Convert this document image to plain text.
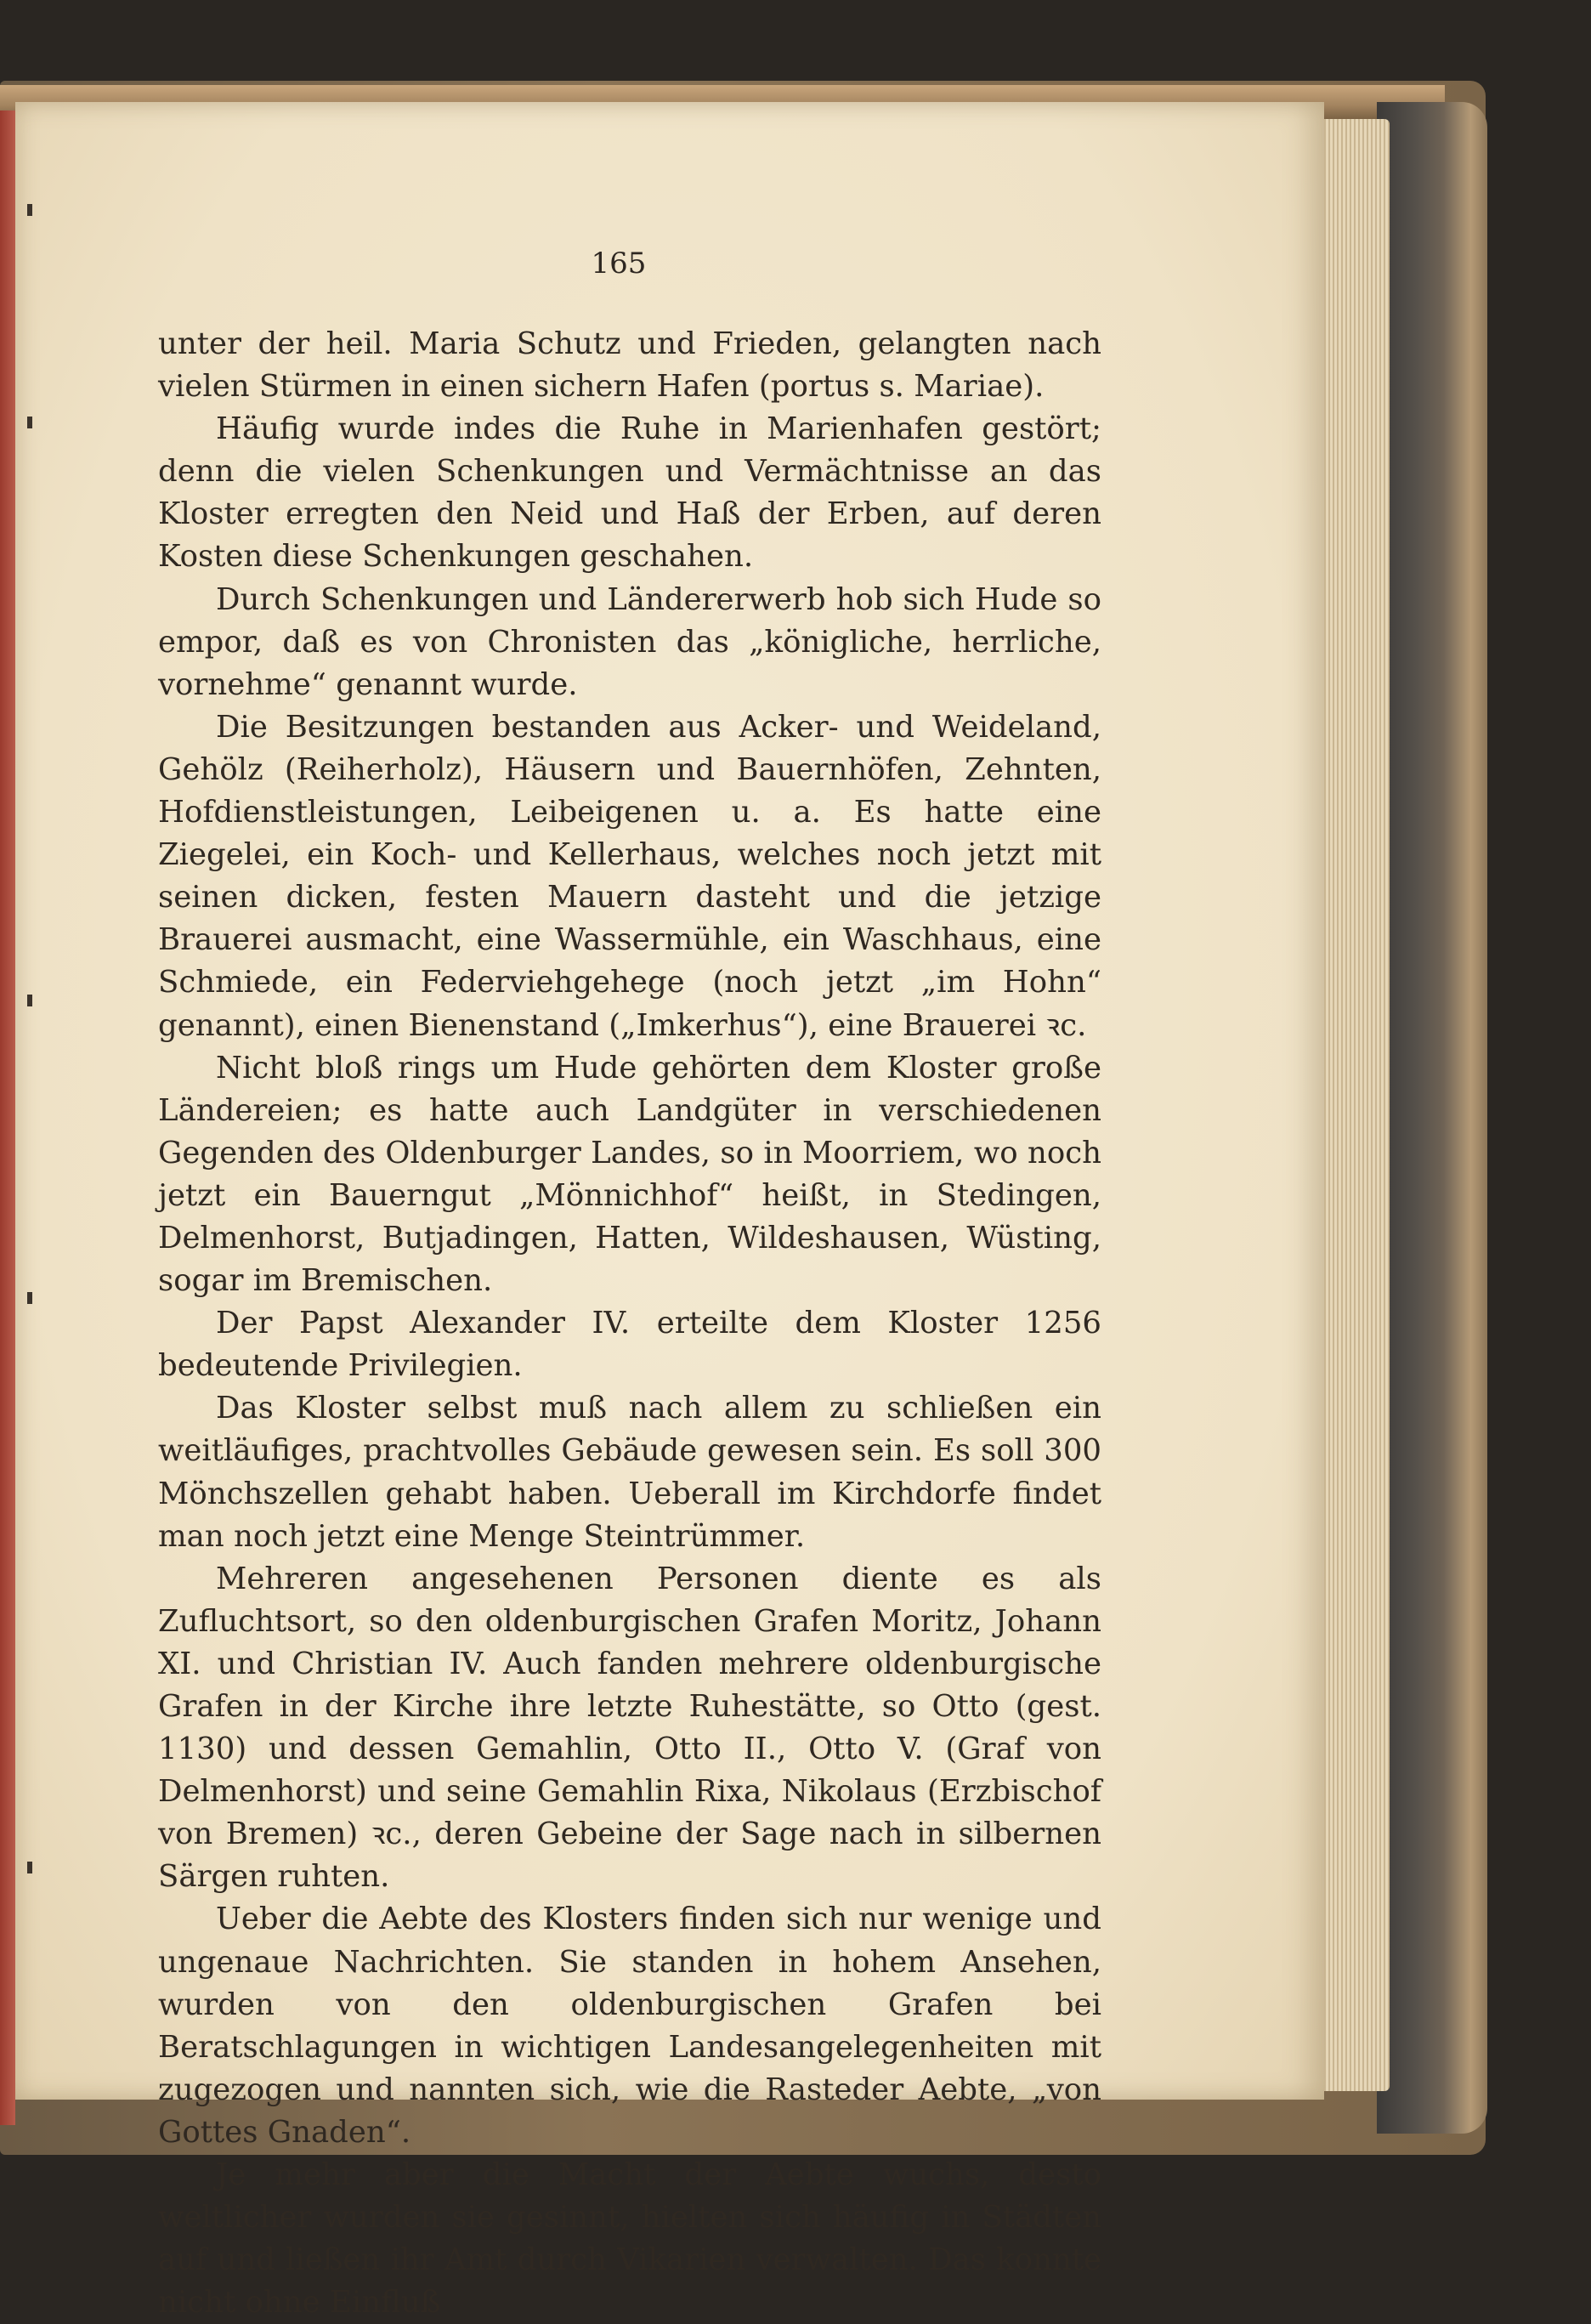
165

unter der heil. Maria Schutz und Frieden, gelangten nach vielen Stürmen in einen sichern Hafen (portus s. Mariae).

Häufig wurde indes die Ruhe in Marienhafen gestört; denn die vielen Schenkungen und Vermächtnisse an das Kloster erregten den Neid und Haß der Erben, auf deren Kosten diese Schenkungen geschahen.

Durch Schenkungen und Ländererwerb hob sich Hude so empor, daß es von Chronisten das „königliche, herrliche, vornehme“ genannt wurde.

Die Besitzungen bestanden aus Acker- und Weideland, Gehölz (Reiherholz), Häusern und Bauernhöfen, Zehnten, Hofdienstleistungen, Leibeigenen u. a. Es hatte eine Ziegelei, ein Koch- und Kellerhaus, welches noch jetzt mit seinen dicken, festen Mauern dasteht und die jetzige Brauerei ausmacht, eine Wassermühle, ein Waschhaus, eine Schmiede, ein Federviehgehege (noch jetzt „im Hohn“ genannt), einen Bienenstand („Imkerhus“), eine Brauerei ꝛc.

Nicht bloß rings um Hude gehörten dem Kloster große Ländereien; es hatte auch Landgüter in verschiedenen Gegenden des Oldenburger Landes, so in Moorriem, wo noch jetzt ein Bauerngut „Mönnichhof“ heißt, in Stedingen, Delmenhorst, Butjadingen, Hatten, Wildeshausen, Wüsting, sogar im Bremischen.

Der Papst Alexander IV. erteilte dem Kloster 1256 bedeutende Privilegien.

Das Kloster selbst muß nach allem zu schließen ein weitläufiges, prachtvolles Gebäude gewesen sein. Es soll 300 Mönchszellen gehabt haben. Ueberall im Kirchdorfe findet man noch jetzt eine Menge Steintrümmer.

Mehreren angesehenen Personen diente es als Zufluchtsort, so den oldenburgischen Grafen Moritz, Johann XI. und Christian IV. Auch fanden mehrere oldenburgische Grafen in der Kirche ihre letzte Ruhestätte, so Otto (gest. 1130) und dessen Gemahlin, Otto II., Otto V. (Graf von Delmenhorst) und seine Gemahlin Rixa, Nikolaus (Erzbischof von Bremen) ꝛc., deren Gebeine der Sage nach in silbernen Särgen ruhten.

Ueber die Aebte des Klosters finden sich nur wenige und ungenaue Nachrichten. Sie standen in hohem Ansehen, wurden von den oldenburgischen Grafen bei Beratschlagungen in wichtigen Landesangelegenheiten mit zugezogen und nannten sich, wie die Rasteder Aebte, „von Gottes Gnaden“.

Je mehr aber die Macht der Aebte wuchs, desto weltlicher wurden sie gesinnt, hielten sich häufig in Städten auf und ließen ihr Amt durch Vikarien verwalten. Das konnte nicht ohne Einfluß
